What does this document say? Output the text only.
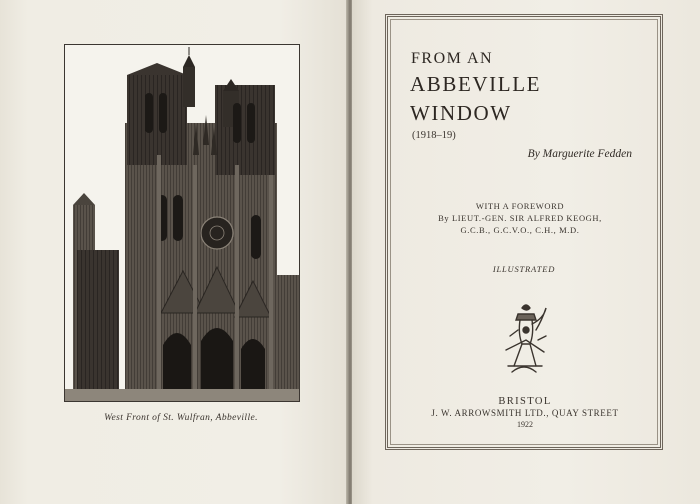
West Front of St. Wulfran, Abbeville.
FROM AN
ABBEVILLE
WINDOW
(1918–19)
By Marguerite Fedden
WITH A FOREWORD
By LIEUT.-GEN. SIR ALFRED KEOGH,
G.C.B., G.C.V.O., C.H., M.D.
ILLUSTRATED
BRISTOL
J. W. ARROWSMITH LTD., QUAY STREET
1922
